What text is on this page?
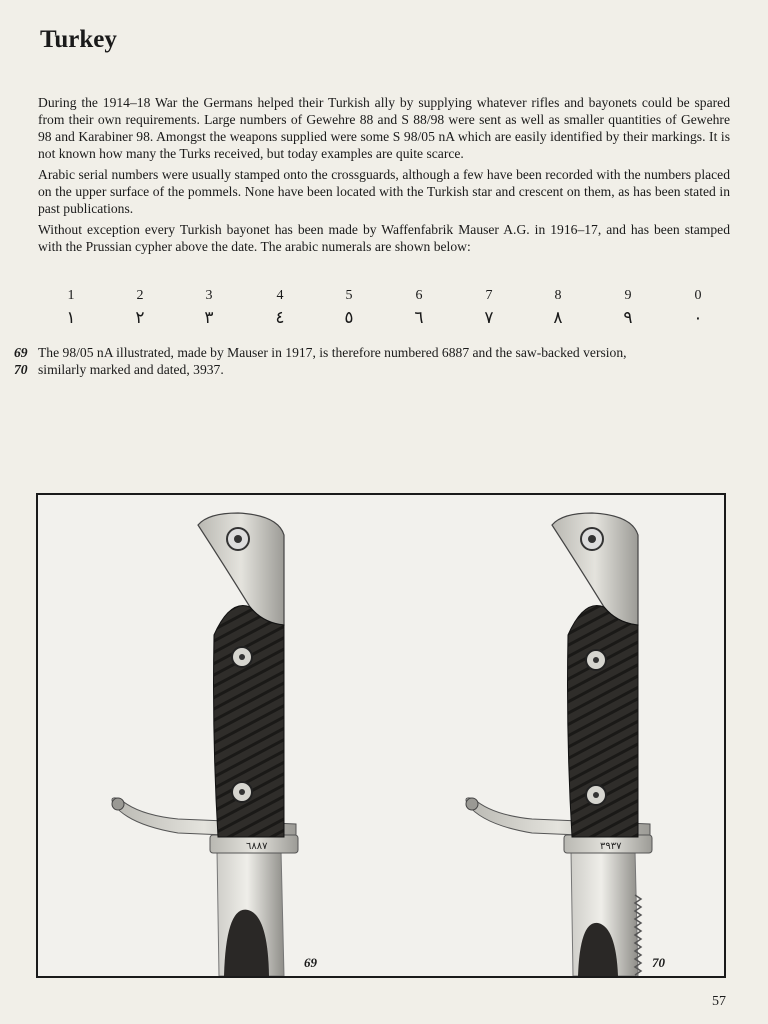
Turkey

During the 1914–18 War the Germans helped their Turkish ally by supplying whatever rifles and bayonets could be spared from their own requirements. Large numbers of Gewehre 88 and S 88/98 were sent as well as smaller quantities of Gewehre 98 and Karabiner 98. Amongst the weapons supplied were some S 98/05 nA which are easily identified by their markings. It is not known how many the Turks received, but today examples are quite scarce.

Arabic serial numbers were usually stamped onto the crossguards, although a few have been recorded with the numbers placed on the upper surface of the pommels. None have been located with the Turkish star and crescent on them, as has been stated in past publications.

Without exception every Turkish bayonet has been made by Waffenfabrik Mauser A.G. in 1916–17, and has been stamped with the Prussian cypher above the date. The arabic numerals are shown below:

1	2	3	4	5	6	7	8	9	0
١	٢	٣	٤	٥	٦	٧	٨	٩	٠
69 The 98/05 nA illustrated, made by Mauser in 1917, is therefore numbered 6887 and the saw-backed version,
70 similarly marked and dated, 3937.
٦٨٨٧	٣٩٣٧
69	70
57
